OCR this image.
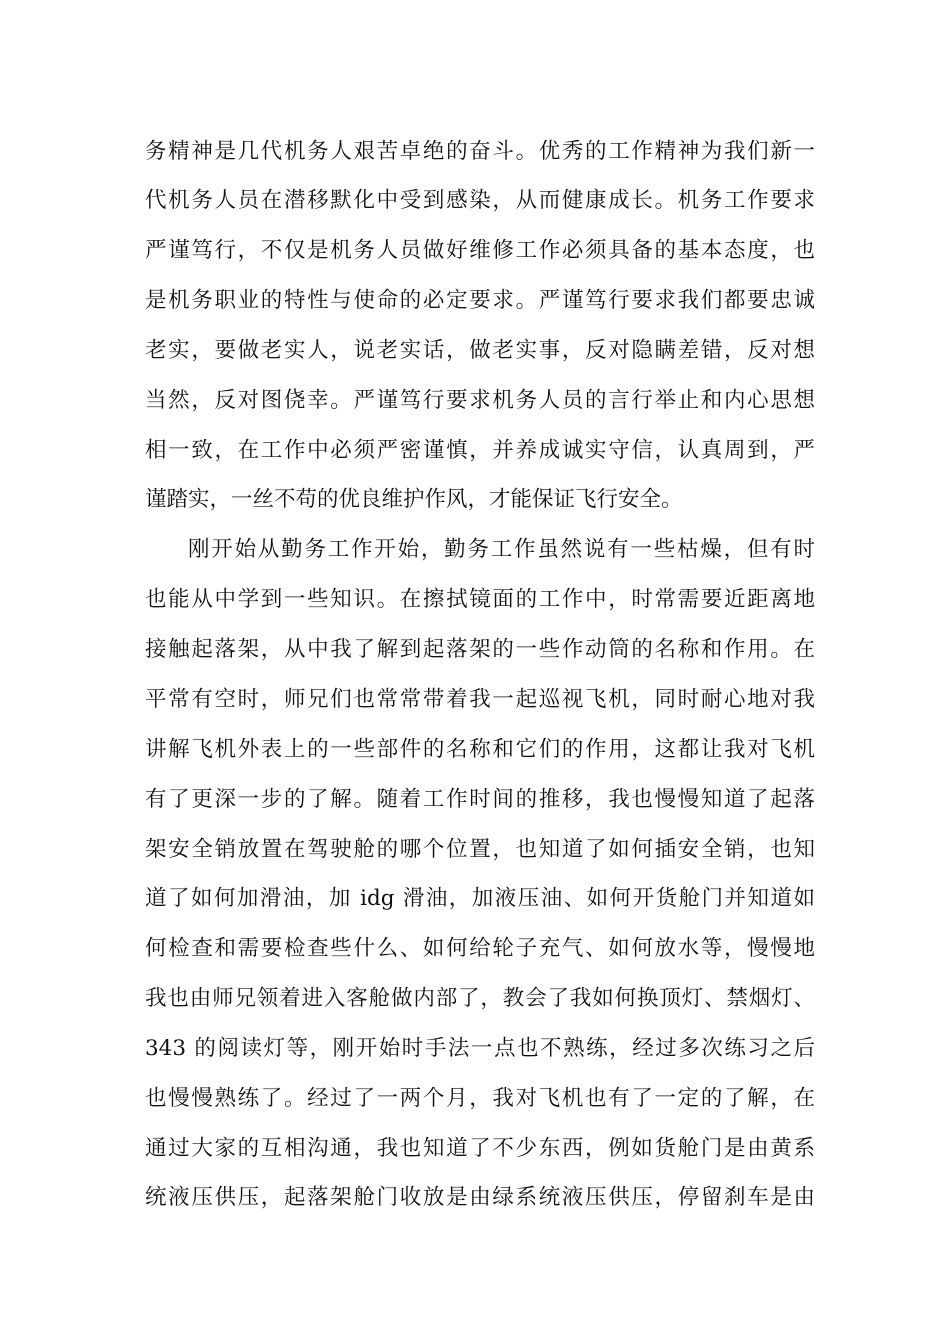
务精神是几代机务人艰苦卓绝的奋斗。优秀的工作精神为我们新一
代机务人员在潜移默化中受到感染，从而健康成长。机务工作要求
严谨笃行，不仅是机务人员做好维修工作必须具备的基本态度，也
是机务职业的特性与使命的必定要求。严谨笃行要求我们都要忠诚
老实，要做老实人，说老实话，做老实事，反对隐瞒差错，反对想
当然，反对图侥幸。严谨笃行要求机务人员的言行举止和内心思想
相一致，在工作中必须严密谨慎，并养成诚实守信，认真周到，严
谨踏实，一丝不苟的优良维护作风，才能保证飞行安全。
刚开始从勤务工作开始，勤务工作虽然说有一些枯燥，但有时
也能从中学到一些知识。在擦拭镜面的工作中，时常需要近距离地
接触起落架，从中我了解到起落架的一些作动筒的名称和作用。在
平常有空时，师兄们也常常带着我一起巡视飞机，同时耐心地对我
讲解飞机外表上的一些部件的名称和它们的作用，这都让我对飞机
有了更深一步的了解。随着工作时间的推移，我也慢慢知道了起落
架安全销放置在驾驶舱的哪个位置，也知道了如何插安全销，也知
道了如何加滑油，加 idg 滑油，加液压油、如何开货舱门并知道如
何检查和需要检查些什么、如何给轮子充气、如何放水等，慢慢地
我也由师兄领着进入客舱做内部了，教会了我如何换顶灯、禁烟灯、
343 的阅读灯等，刚开始时手法一点也不熟练，经过多次练习之后
也慢慢熟练了。经过了一两个月，我对飞机也有了一定的了解，在
通过大家的互相沟通，我也知道了不少东西，例如货舱门是由黄系
统液压供压，起落架舱门收放是由绿系统液压供压，停留刹车是由
